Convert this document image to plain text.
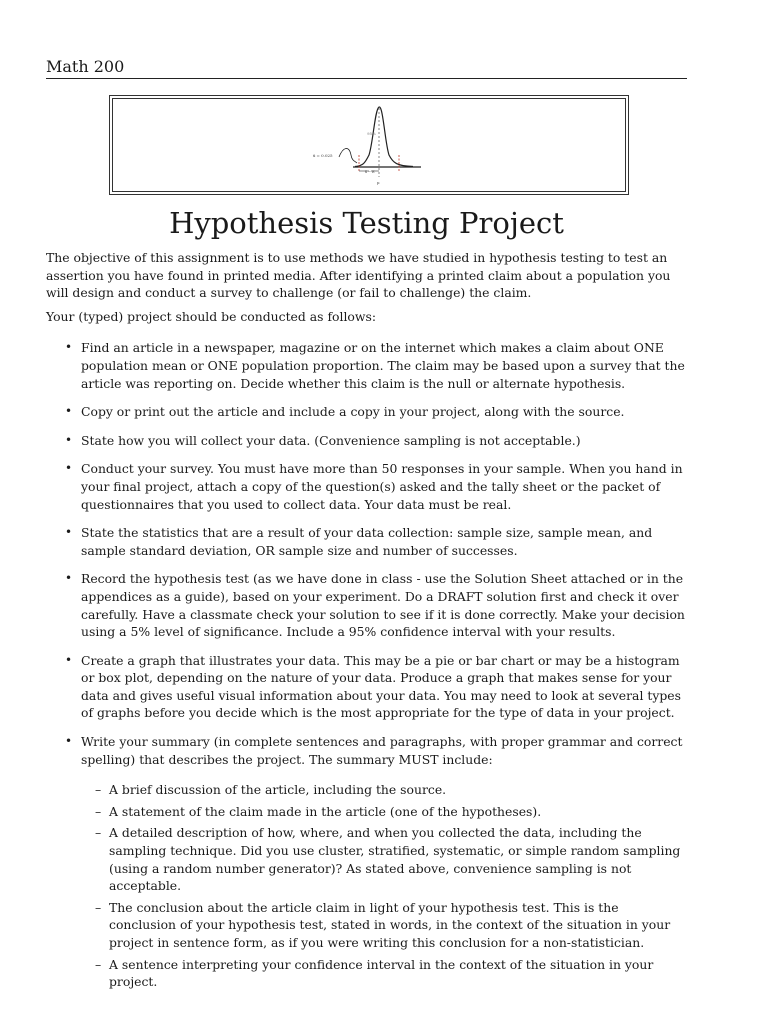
Math 200
x̄ = 0.025
95%
x̄ − E
μ
Hypothesis Testing Project

The objective of this assignment is to use methods we have studied in hypothesis testing to test an assertion you have found in printed media. After identifying a printed claim about a population you will design and conduct a survey to challenge (or fail to challenge) the claim.

Your (typed) project should be conducted as follows:

• Find an article in a newspaper, magazine or on the internet which makes a claim about ONE population mean or ONE population proportion. The claim may be based upon a survey that the article was reporting on. Decide whether this claim is the null or alternate hypothesis.
• Copy or print out the article and include a copy in your project, along with the source.
• State how you will collect your data. (Convenience sampling is not acceptable.)
• Conduct your survey. You must have more than 50 responses in your sample. When you hand in your final project, attach a copy of the question(s) asked and the tally sheet or the packet of questionnaires that you used to collect data. Your data must be real.
• State the statistics that are a result of your data collection: sample size, sample mean, and sample standard deviation, OR sample size and number of successes.
• Record the hypothesis test (as we have done in class - use the Solution Sheet attached or in the appendices as a guide), based on your experiment. Do a DRAFT solution first and check it over carefully. Have a classmate check your solution to see if it is done correctly. Make your decision using a 5% level of significance. Include a 95% confidence interval with your results.
• Create a graph that illustrates your data. This may be a pie or bar chart or may be a histogram or box plot, depending on the nature of your data. Produce a graph that makes sense for your data and gives useful visual information about your data. You may need to look at several types of graphs before you decide which is the most appropriate for the type of data in your project.
• Write your summary (in complete sentences and paragraphs, with proper grammar and correct spelling) that describes the project. The summary MUST include:
– A brief discussion of the article, including the source.
– A statement of the claim made in the article (one of the hypotheses).
– A detailed description of how, where, and when you collected the data, including the sampling technique. Did you use cluster, stratified, systematic, or simple random sampling (using a random number generator)? As stated above, convenience sampling is not acceptable.
– The conclusion about the article claim in light of your hypothesis test. This is the conclusion of your hypothesis test, stated in words, in the context of the situation in your project in sentence form, as if you were writing this conclusion for a non-statistician.
– A sentence interpreting your confidence interval in the context of the situation in your project.
